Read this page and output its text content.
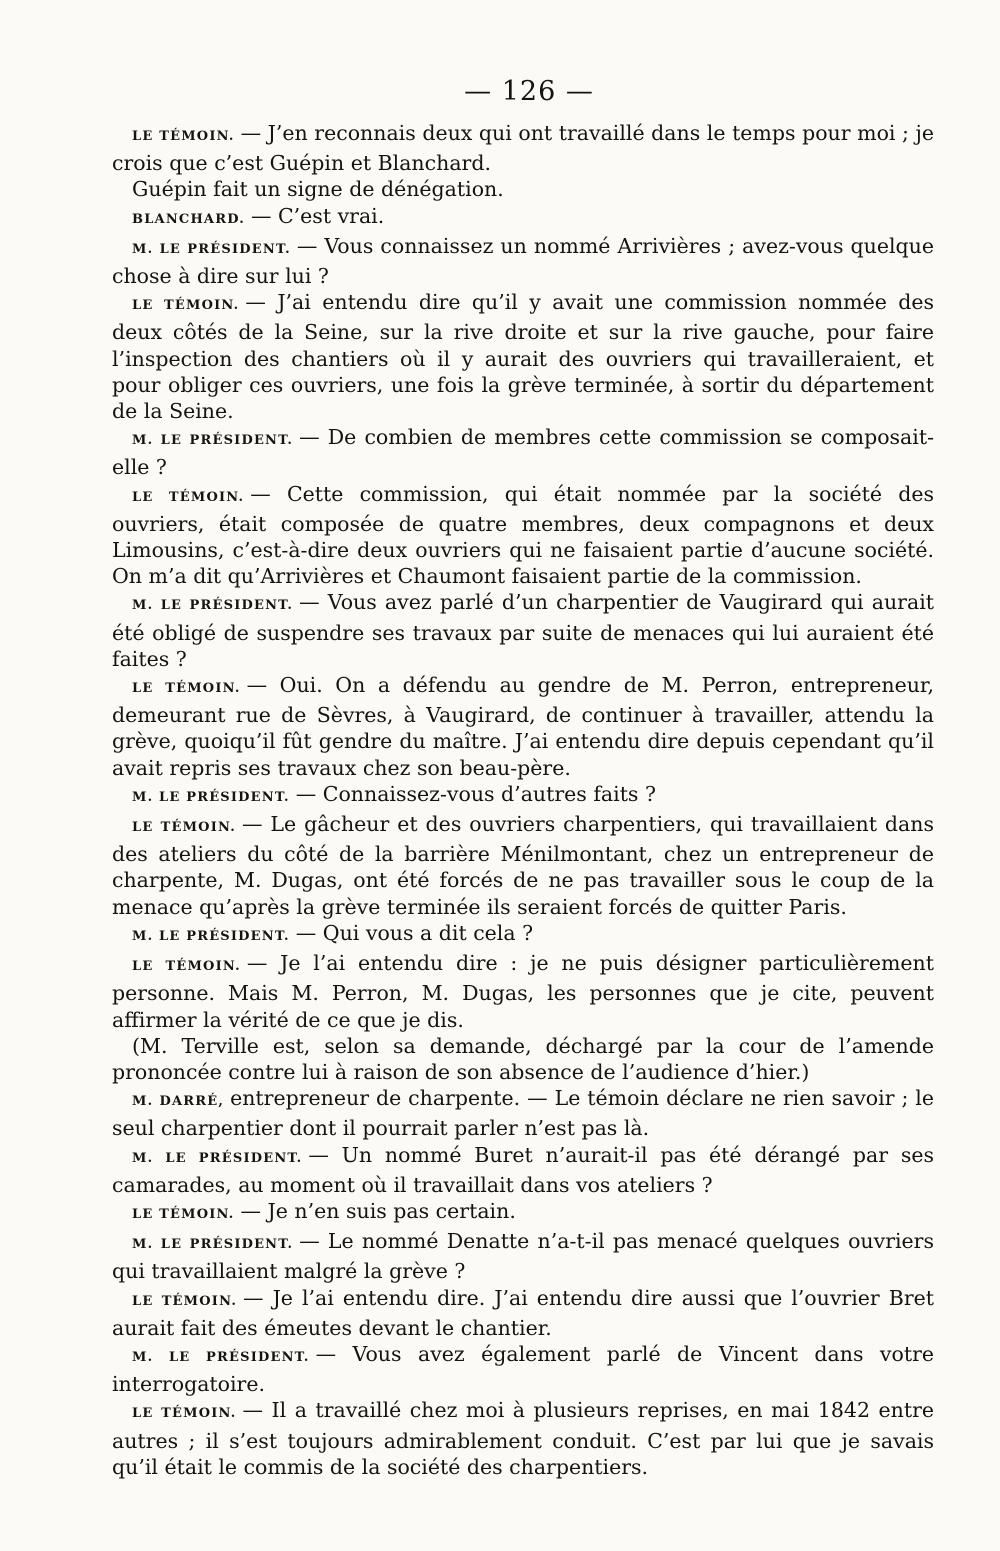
— 126 —

LE TÉMOIN. — J’en reconnais deux qui ont travaillé dans le temps pour moi ; je crois que c’est Guépin et Blanchard.

Guépin fait un signe de dénégation.

BLANCHARD. — C’est vrai.

M. LE PRÉSIDENT. — Vous connaissez un nommé Arrivières ; avez-vous quelque chose à dire sur lui ?

LE TÉMOIN. — J’ai entendu dire qu’il y avait une commission nommée des deux côtés de la Seine, sur la rive droite et sur la rive gauche, pour faire l’inspection des chantiers où il y aurait des ouvriers qui travailleraient, et pour obliger ces ouvriers, une fois la grève terminée, à sortir du département de la Seine.

M. LE PRÉSIDENT. — De combien de membres cette commission se composait-elle ?

LE TÉMOIN. — Cette commission, qui était nommée par la société des ouvriers, était composée de quatre membres, deux compagnons et deux Limousins, c’est-à-dire deux ouvriers qui ne faisaient partie d’aucune société. On m’a dit qu’Arrivières et Chaumont faisaient partie de la commission.

M. LE PRÉSIDENT. — Vous avez parlé d’un charpentier de Vaugirard qui aurait été obligé de suspendre ses travaux par suite de menaces qui lui auraient été faites ?

LE TÉMOIN. — Oui. On a défendu au gendre de M. Perron, entrepreneur, demeurant rue de Sèvres, à Vaugirard, de continuer à travailler, attendu la grève, quoiqu’il fût gendre du maître. J’ai entendu dire depuis cependant qu’il avait repris ses travaux chez son beau-père.

M. LE PRÉSIDENT. — Connaissez-vous d’autres faits ?

LE TÉMOIN. — Le gâcheur et des ouvriers charpentiers, qui travaillaient dans des ateliers du côté de la barrière Ménilmontant, chez un entrepreneur de charpente, M. Dugas, ont été forcés de ne pas travailler sous le coup de la menace qu’après la grève terminée ils seraient forcés de quitter Paris.

M. LE PRÉSIDENT. — Qui vous a dit cela ?

LE TÉMOIN. — Je l’ai entendu dire : je ne puis désigner particulièrement personne. Mais M. Perron, M. Dugas, les personnes que je cite, peuvent affirmer la vérité de ce que je dis.

(M. Terville est, selon sa demande, déchargé par la cour de l’amende prononcée contre lui à raison de son absence de l’audience d’hier.)

M. DARRÉ, entrepreneur de charpente. — Le témoin déclare ne rien savoir ; le seul charpentier dont il pourrait parler n’est pas là.

M. LE PRÉSIDENT. — Un nommé Buret n’aurait-il pas été dérangé par ses camarades, au moment où il travaillait dans vos ateliers ?

LE TÉMOIN. — Je n’en suis pas certain.

M. LE PRÉSIDENT. — Le nommé Denatte n’a-t-il pas menacé quelques ouvriers qui travaillaient malgré la grève ?

LE TÉMOIN. — Je l’ai entendu dire. J’ai entendu dire aussi que l’ouvrier Bret aurait fait des émeutes devant le chantier.

M. LE PRÉSIDENT. — Vous avez également parlé de Vincent dans votre interrogatoire.

LE TÉMOIN. — Il a travaillé chez moi à plusieurs reprises, en mai 1842 entre autres ; il s’est toujours admirablement conduit. C’est par lui que je savais qu’il était le commis de la société des charpentiers.
